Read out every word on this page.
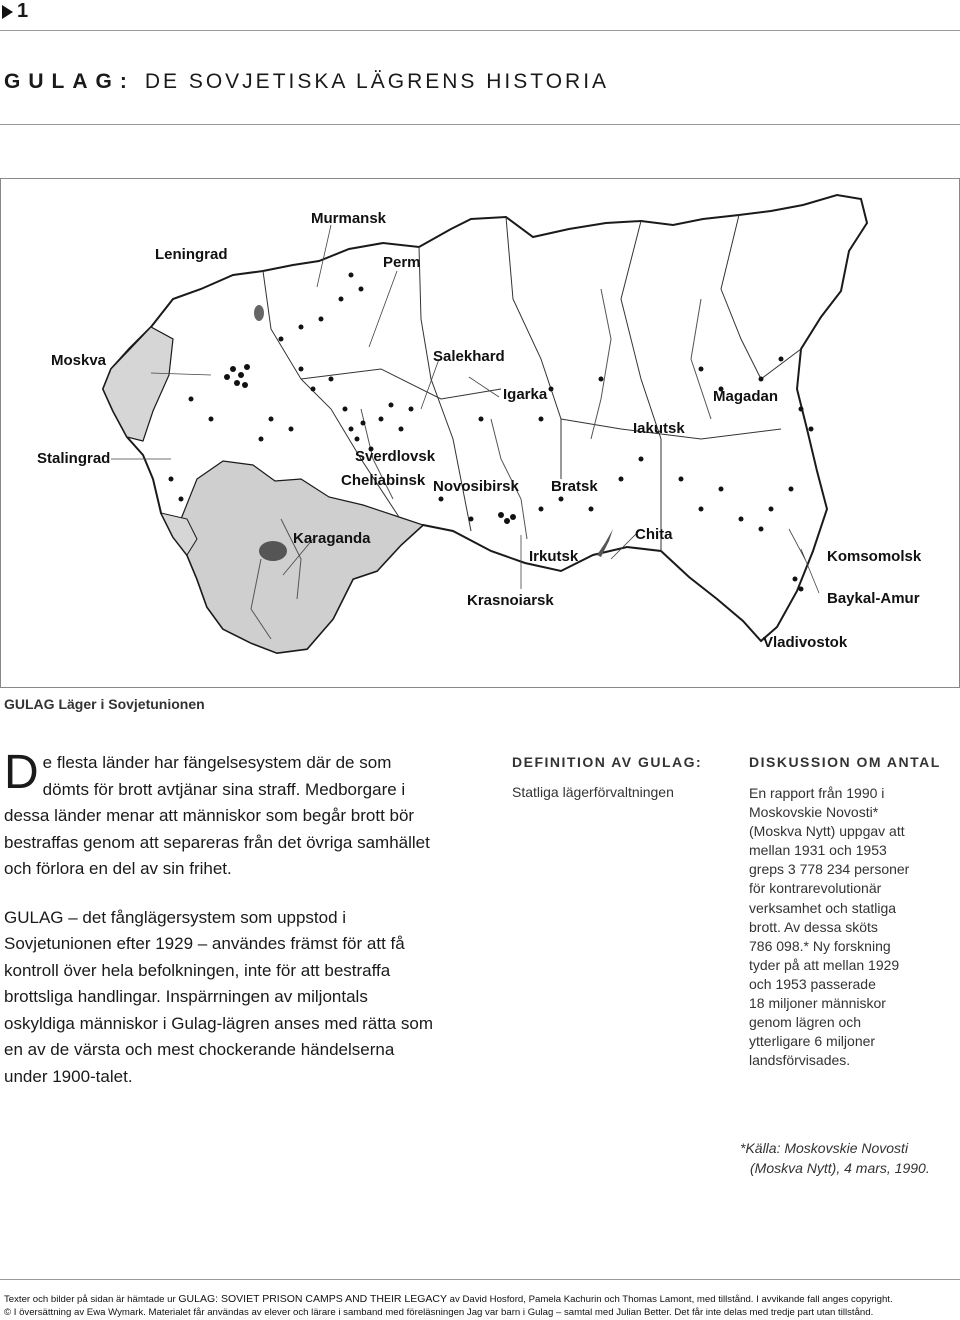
1
GULAG: DE SOVJETISKA LÄGRENS HISTORIA
Murmansk
Leningrad	Perm
Moskva	Salekhard
Igarka	Magadan
Iakutsk
Stalingrad	Sverdlovsk
Cheliabinsk Novosibirsk Bratsk
Karaganda	Chita
Irkutsk	Komsomolsk
Krasnoiarsk	Baykal-Amur
Vladivostok
GULAG Läger i Sovjetunionen

De flesta länder har fängelsesystem där de som dömts för brott avtjänar sina straff. Medborgare i dessa länder menar att människor som begår brott bör bestraffas genom att separeras från det övriga samhället och förlora en del av sin frihet.

GULAG – det fånglägersystem som uppstod i Sovjetunionen efter 1929 – användes främst för att få kontroll över hela befolkningen, inte för att bestraffa brottsliga handlingar. Inspärrningen av miljontals oskyldiga människor i Gulag-lägren anses med rätta som en av de värsta och mest chockerande händelserna under 1900-talet.

DEFINITION AV GULAG:

Statliga lägerförvaltningen

DISKUSSION OM ANTAL

En rapport från 1990 i

Moskovskie Novosti*

(Moskva Nytt) uppgav att

mellan 1931 och 1953

greps 3 778 234 personer

för kontrarevolutionär

verksamhet och statliga

brott. Av dessa sköts

786 098.* Ny forskning

tyder på att mellan 1929

och 1953 passerade

18 miljoner människor

genom lägren och

ytterligare 6 miljoner

landsförvisades.

*Källa: Moskovskie Novosti
(Moskva Nytt), 4 mars, 1990.
Texter och bilder på sidan är hämtade ur GULAG: SOVIET PRISON CAMPS AND THEIR LEGACY av David Hosford, Pamela Kachurin och Thomas Lamont, med tillstånd. I avvikande fall anges copyright.
© I översättning av Ewa Wymark. Materialet får användas av elever och lärare i samband med föreläsningen Jag var barn i Gulag – samtal med Julian Better. Det får inte delas med tredje part utan tillstånd.
